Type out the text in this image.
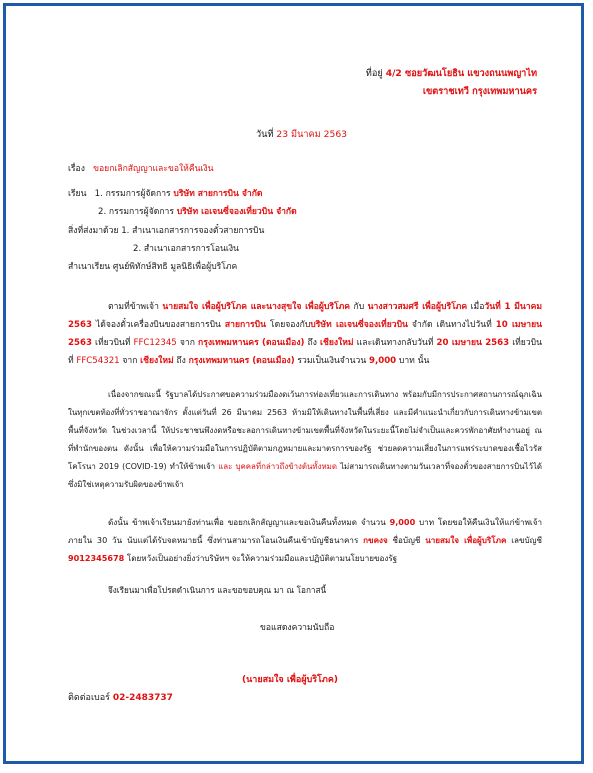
ที่อยู่ 4/2 ซอยวัฒนโยธิน แขวงถนนพญาไท
เขตราชเทวี กรุงเทพมหานคร
วันที่ 23 มีนาคม 2563
เรื่อง ขอยกเลิกสัญญาและขอให้คืนเงิน
เรียน 1. กรรมการผู้จัดการ บริษัท สายการบิน จำกัด
2. กรรมการผู้จัดการ บริษัท เอเจนซี่จองเที่ยวบิน จำกัด
สิ่งที่ส่งมาด้วย 1. สำเนาเอกสารการจองตั๋วสายการบิน
2. สำเนาเอกสารการโอนเงิน
สำเนาเรียน ศูนย์พิทักษ์สิทธิ มูลนิธิเพื่อผู้บริโภค

ตามที่ข้าพเจ้า นายสมใจ เพื่อผู้บริโภค และนางสุขใจ เพื่อผู้บริโภค กับ นางสาวสมศรี เพื่อผู้บริโภค เมื่อวันที่ 1 มีนาคม 2563 ได้จองตั๋วเครื่องบินของสายการบิน สายการบิน โดยจองกับบริษัท เอเจนซี่จองเที่ยวบิน จำกัด เดินทางไปวันที่ 10 เมษายน 2563 เที่ยวบินที่ FFC12345 จาก กรุงเทพมหานคร (ดอนเมือง) ถึง เชียงใหม่ และเดินทางกลับวันที่ 20 เมษายน 2563 เที่ยวบินที่ FFC54321 จาก เชียงใหม่ ถึง กรุงเทพมหานคร (ดอนเมือง) รวมเป็นเงินจำนวน 9,000 บาท นั้น

เนื่องจากขณะนี้ รัฐบาลได้ประกาศขอความร่วมมืองดเว้นการท่องเที่ยวและการเดินทาง พร้อมกับมีการประกาศสถานการณ์ฉุกเฉินในทุกเขตท้องที่ทั่วราชอาณาจักร ตั้งแต่วันที่ 26 มีนาคม 2563 ห้ามมิให้เดินทางในพื้นที่เสี่ยง และมีคำแนะนำเกี่ยวกับการเดินทางข้ามเขตพื้นที่จังหวัด ในช่วงเวลานี้ ให้ประชาชนพึงงดหรือชะลอการเดินทางข้ามเขตพื้นที่จังหวัดในระยะนี้โดยไม่จำเป็นและควรพักอาศัยทำงานอยู่ ณ ที่พำนักของตน ดังนั้น เพื่อให้ความร่วมมือในการปฏิบัติตามกฎหมายและมาตรการของรัฐ ช่วยลดความเสี่ยงในการแพร่ระบาดของเชื้อไวรัสโคโรนา 2019 (COVID-19) ทำให้ข้าพเจ้า และ บุคคลที่กล่าวถึงข้างต้นทั้งหมด ไม่สามารถเดินทางตามวันเวลาที่จองตั๋วของสายการบินไว้ได้ ซึ่งมิใช่เหตุความรับผิดของข้าพเจ้า

ดังนั้น ข้าพเจ้าเรียนมายังท่านเพื่อ ขอยกเลิกสัญญาและขอเงินคืนทั้งหมด จำนวน 9,000 บาท โดยขอให้คืนเงินให้แก่ข้าพเจ้า ภายใน 30 วัน นับแต่ได้รับจดหมายนี้ ซึ่งท่านสามารถโอนเงินคืนเข้าบัญชีธนาคาร กขคงจ ชื่อบัญชี นายสมใจ เพื่อผู้บริโภค เลขบัญชี 9012345678 โดยหวังเป็นอย่างยิ่งว่าบริษัทฯ จะให้ความร่วมมือและปฏิบัติตามนโยบายของรัฐ

จึงเรียนมาเพื่อโปรดดำเนินการ และขอขอบคุณ มา ณ โอกาสนี้
ขอแสดงความนับถือ
(นายสมใจ เพื่อผู้บริโภค)
ติดต่อเบอร์ 02-2483737
